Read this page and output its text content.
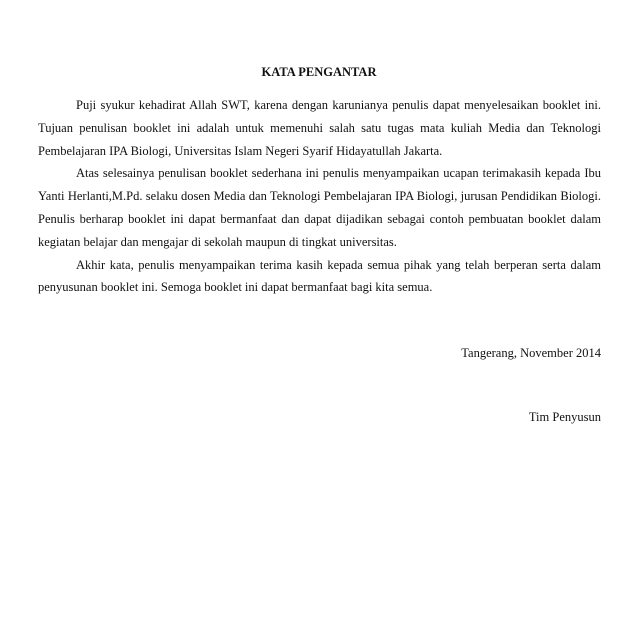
KATA PENGANTAR

Puji syukur kehadirat Allah SWT, karena dengan karunianya penulis dapat menyelesaikan booklet ini. Tujuan penulisan booklet ini adalah untuk memenuhi salah satu tugas mata kuliah Media dan Teknologi Pembelajaran IPA Biologi, Universitas Islam Negeri Syarif Hidayatullah Jakarta.

Atas selesainya penulisan booklet sederhana ini penulis menyampaikan ucapan terimakasih kepada Ibu Yanti Herlanti,M.Pd. selaku dosen Media dan Teknologi Pembelajaran IPA Biologi, jurusan Pendidikan Biologi. Penulis berharap booklet ini dapat bermanfaat dan dapat dijadikan sebagai contoh pembuatan booklet dalam kegiatan belajar dan mengajar di sekolah maupun di tingkat universitas.

Akhir kata, penulis menyampaikan terima kasih kepada semua pihak yang telah berperan serta dalam penyusunan booklet ini. Semoga booklet ini dapat bermanfaat bagi kita semua.

Tangerang, November 2014

Tim Penyusun
